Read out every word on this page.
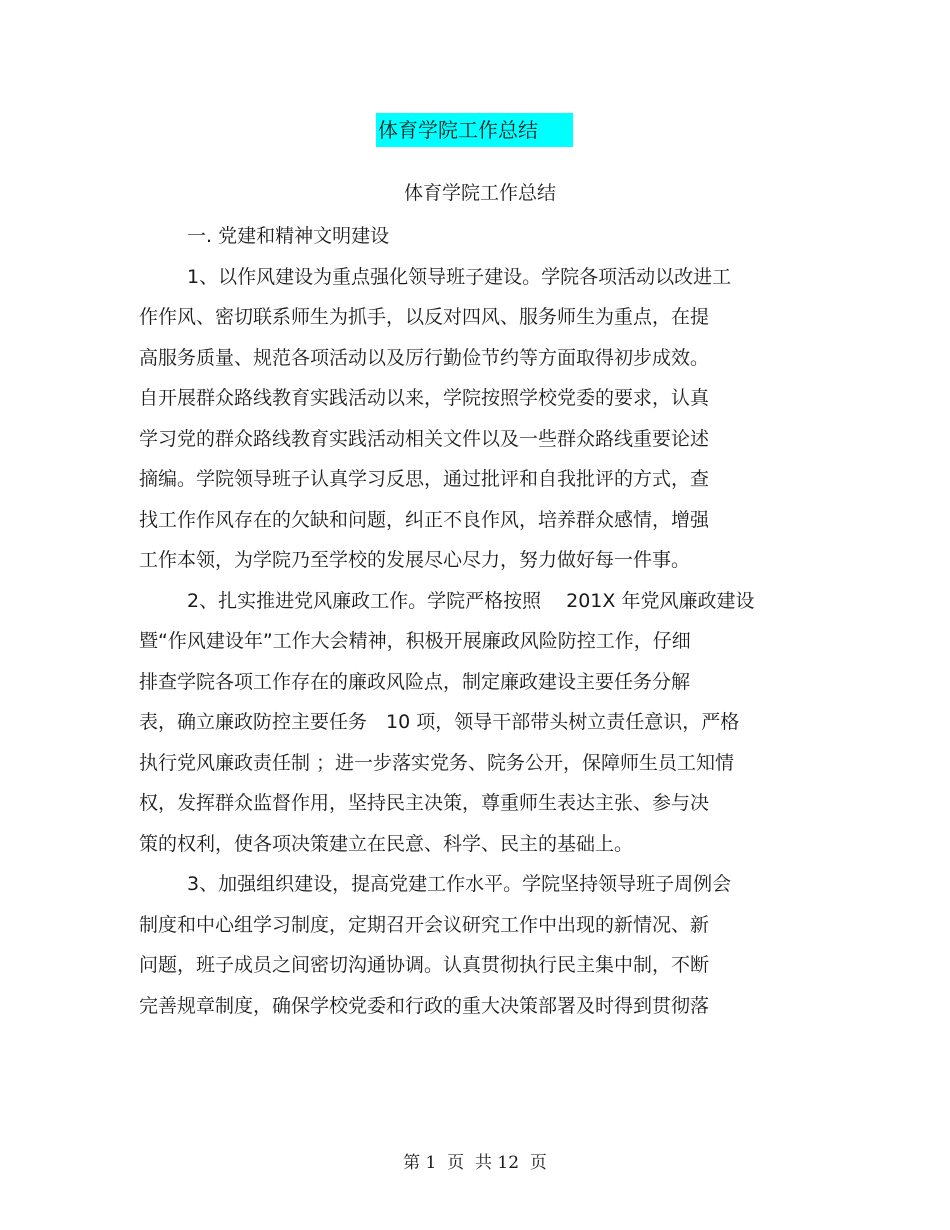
体育学院工作总结
体育学院工作总结
一. 党建和精神文明建设
1、以作风建设为重点强化领导班子建设。学院各项活动以改进工
作作风、密切联系师生为抓手，以反对四风、服务师生为重点，在提
高服务质量、规范各项活动以及厉行勤俭节约等方面取得初步成效。
自开展群众路线教育实践活动以来，学院按照学校党委的要求，认真
学习党的群众路线教育实践活动相关文件以及一些群众路线重要论述
摘编。学院领导班子认真学习反思，通过批评和自我批评的方式，查
找工作作风存在的欠缺和问题，纠正不良作风，培养群众感情，增强
工作本领，为学院乃至学校的发展尽心尽力，努力做好每一件事。
2、扎实推进党风廉政工作。学院严格按照　 201X 年党风廉政建设
暨“作风建设年”工作大会精神，积极开展廉政风险防控工作，仔细
排查学院各项工作存在的廉政风险点，制定廉政建设主要任务分解
表，确立廉政防控主要任务　10 项，领导干部带头树立责任意识，严格
执行党风廉政责任制 ；进一步落实党务、院务公开，保障师生员工知情
权，发挥群众监督作用，坚持民主决策，尊重师生表达主张、参与决
策的权利，使各项决策建立在民意、科学、民主的基础上。
3、加强组织建设，提高党建工作水平。学院坚持领导班子周例会
制度和中心组学习制度，定期召开会议研究工作中出现的新情况、新
问题，班子成员之间密切沟通协调。认真贯彻执行民主集中制，不断
完善规章制度，确保学校党委和行政的重大决策部署及时得到贯彻落
第 1  页  共 12  页
